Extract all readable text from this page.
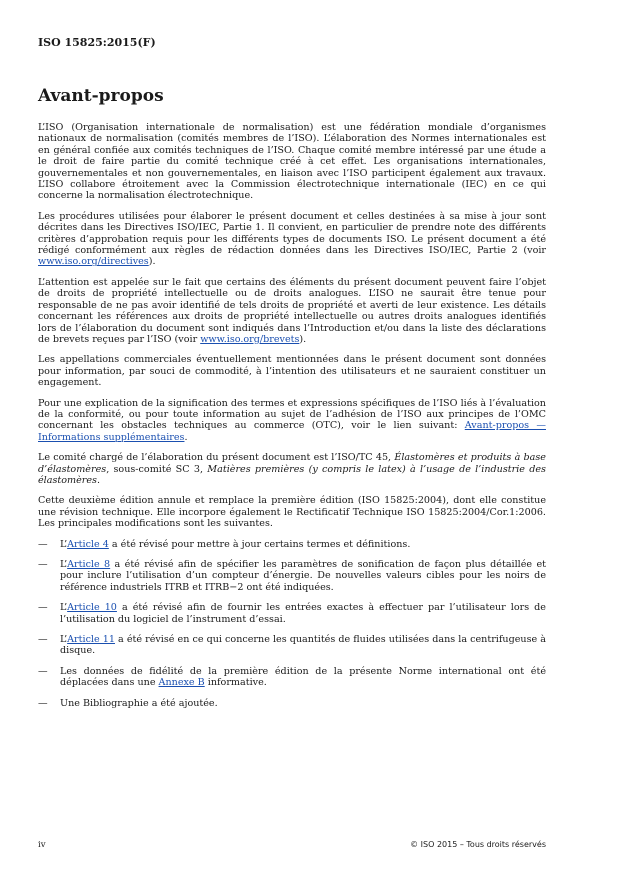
ISO 15825:2015(F)
Avant-propos

L’ISO (Organisation internationale de normalisation) est une fédération mondiale d’organismes nationaux de normalisation (comités membres de l’ISO). L’élaboration des Normes internationales est en général confiée aux comités techniques de l’ISO. Chaque comité membre intéressé par une étude a le droit de faire partie du comité technique créé à cet effet. Les organisations internationales, gouvernementales et non gouvernementales, en liaison avec l’ISO participent également aux travaux. L’ISO collabore étroitement avec la Commission électrotechnique internationale (IEC) en ce qui concerne la normalisation électrotechnique.

Les procédures utilisées pour élaborer le présent document et celles destinées à sa mise à jour sont décrites dans les Directives ISO/IEC, Partie 1. Il convient, en particulier de prendre note des différents critères d’approbation requis pour les différents types de documents ISO. Le présent document a été rédigé conformément aux règles de rédaction données dans les Directives ISO/IEC, Partie 2 (voir www.iso.org/directives).

L’attention est appelée sur le fait que certains des éléments du présent document peuvent faire l’objet de droits de propriété intellectuelle ou de droits analogues. L’ISO ne saurait être tenue pour responsable de ne pas avoir identifié de tels droits de propriété et averti de leur existence. Les détails concernant les références aux droits de propriété intellectuelle ou autres droits analogues identifiés lors de l’élaboration du document sont indiqués dans l’Introduction et/ou dans la liste des déclarations de brevets reçues par l’ISO (voir www.iso.org/brevets).

Les appellations commerciales éventuellement mentionnées dans le présent document sont données pour information, par souci de commodité, à l’intention des utilisateurs et ne sauraient constituer un engagement.

Pour une explication de la signification des termes et expressions spécifiques de l’ISO liés à l’évaluation de la conformité, ou pour toute information au sujet de l’adhésion de l’ISO aux principes de l’OMC concernant les obstacles techniques au commerce (OTC), voir le lien suivant: Avant-propos — Informations supplémentaires.

Le comité chargé de l’élaboration du présent document est l’ISO/TC 45, Élastomères et produits à base d’élastomères, sous-comité SC 3, Matières premières (y compris le latex) à l’usage de l’industrie des élastomères.

Cette deuxième édition annule et remplace la première édition (ISO 15825:2004), dont elle constitue une révision technique. Elle incorpore également le Rectificatif Technique ISO 15825:2004/Cor.1:2006. Les principales modifications sont les suivantes.

—	L’Article 4 a été révisé pour mettre à jour certains termes et définitions.
—	L’Article 8 a été révisé afin de spécifier les paramètres de sonification de façon plus détaillée et pour inclure l’utilisation d’un compteur d’énergie. De nouvelles valeurs cibles pour les noirs de référence industriels ITRB et ITRB−2 ont été indiquées.
—	L’Article 10 a été révisé afin de fournir les entrées exactes à effectuer par l’utilisateur lors de l’utilisation du logiciel de l’instrument d’essai.
—	L’Article 11 a été révisé en ce qui concerne les quantités de fluides utilisées dans la centrifugeuse à disque.
—	Les données de fidélité de la première édition de la présente Norme international ont été déplacées dans une Annexe B informative.
—	Une Bibliographie a été ajoutée.
iv	© ISO 2015 – Tous droits réservés
